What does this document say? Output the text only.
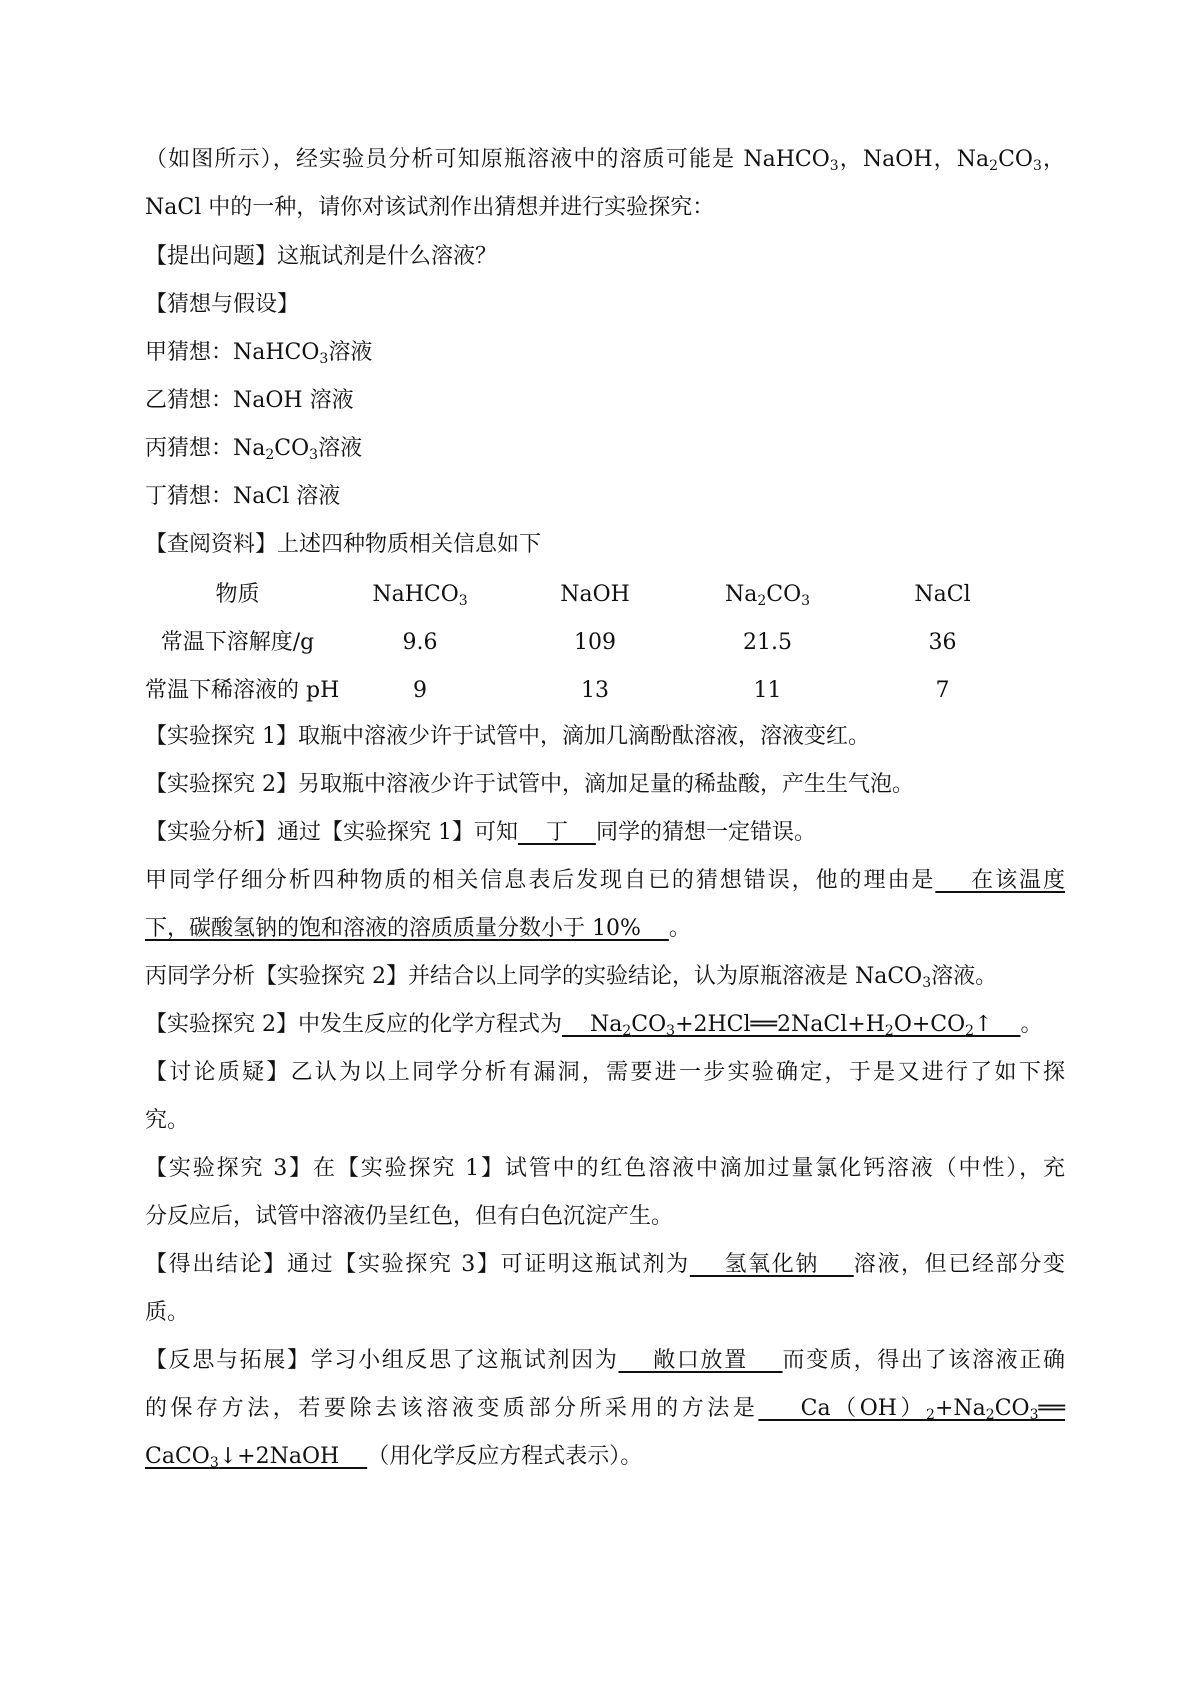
（如图所示），经实验员分析可知原瓶溶液中的溶质可能是 NaHCO$_3$，NaOH，$Na_2CO_3$，
NaCl 中的一种，请你对该试剂作出猜想并进行实验探究：
【提出问题】这瓶试剂是什么溶液？
【猜想与假设】
甲猜想：NaHCO$_3$溶液
乙猜想：NaOH 溶液
丙猜想：$Na_2CO_3$溶液
丁猜想：NaCl 溶液
【查阅资料】上述四种物质相关信息如下
物质	NaHCO$_3$	NaOH	$Na_2CO_3$	NaCl
常温下溶解度/g	9.6	109	21.5	36
常温下稀溶液的 pH	9	13	11	7
【实验探究 1】取瓶中溶液少许于试管中，滴加几滴酚酞溶液，溶液变红。
【实验探究 2】另取瓶中溶液少许于试管中，滴加足量的稀盐酸，产生生气泡。
【实验分析】通过【实验探究 1】可知    丁    同学的猜想一定错误。
甲同学仔细分析四种物质的相关信息表后发现自已的猜想错误，他的理由是    在该温度
下，碳酸氢钠的饱和溶液的溶质质量分数小于 10%    。
丙同学分析【实验探究 2】并结合以上同学的实验结论，认为原瓶溶液是 NaCO$_3$溶液。
【实验探究 2】中发生反应的化学方程式为    $Na_2CO_3+2HCl══2NaCl+H_2O+CO_2↑$    。
【讨论质疑】乙认为以上同学分析有漏洞，需要进一步实验确定，于是又进行了如下探
究。
【实验探究 3】在【实验探究 1】试管中的红色溶液中滴加过量氯化钙溶液（中性），充
分反应后，试管中溶液仍呈红色，但有白色沉淀产生。
【得出结论】通过【实验探究 3】可证明这瓶试剂为    氢氧化钠    溶液，但已经部分变
质。
【反思与拓展】学习小组反思了这瓶试剂因为    敞口放置    而变质，得出了该溶液正确
的保存方法，若要除去该溶液变质部分所采用的方法是    $Ca(OH)_2+Na_2CO_3══$
CaCO$_3$↓+2NaOH    （用化学反应方程式表示）。
